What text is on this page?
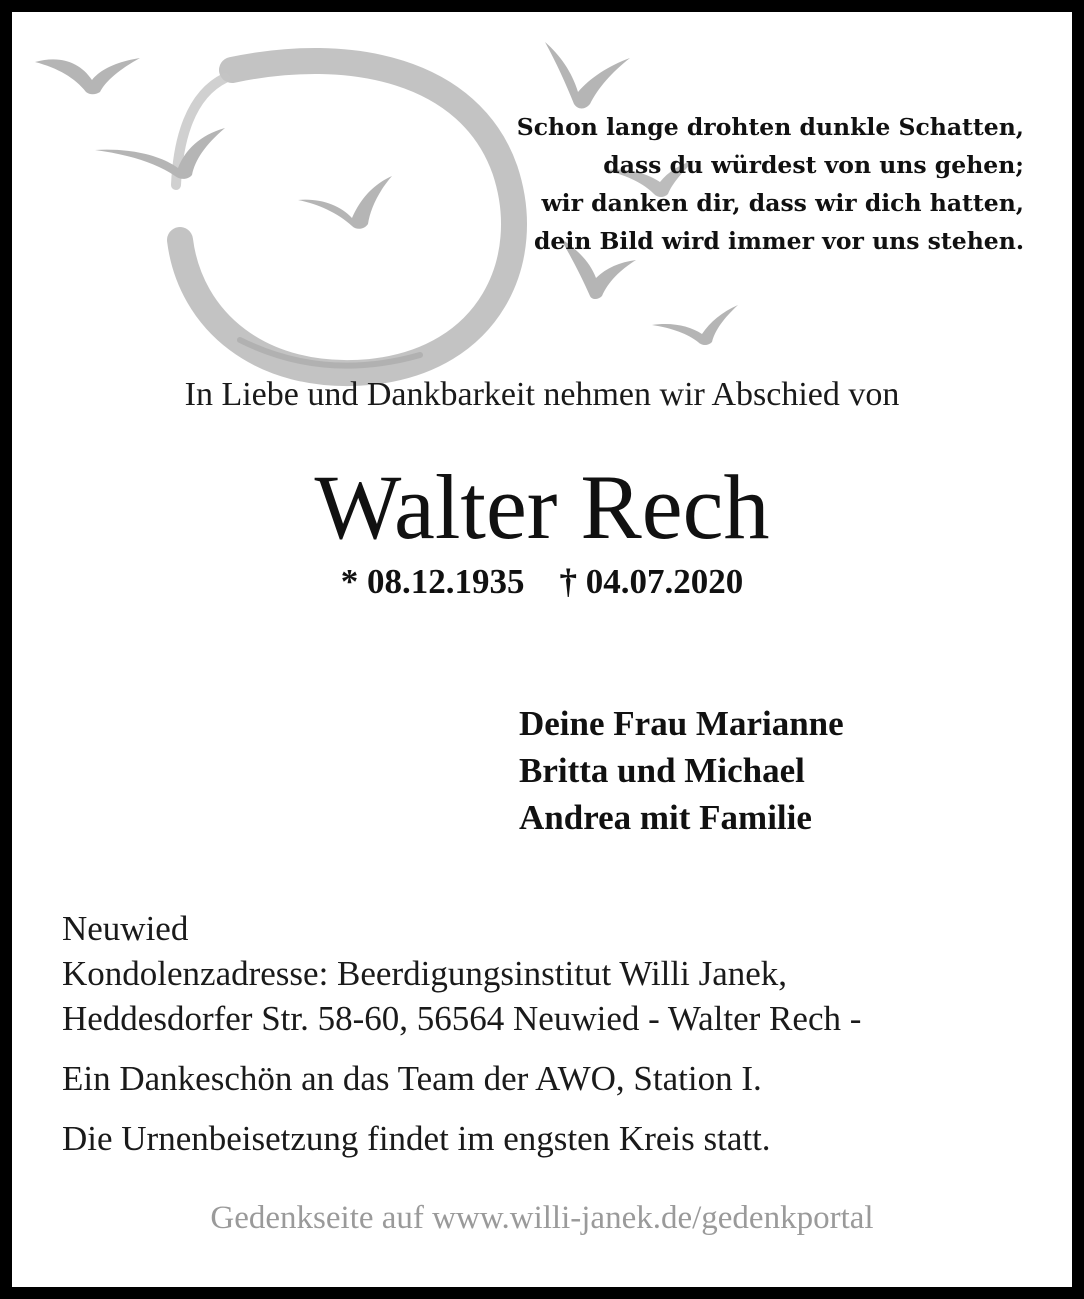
Schon lange drohten dunkle Schatten,
dass du würdest von uns gehen;
wir danken dir, dass wir dich hatten,
dein Bild wird immer vor uns stehen.
In Liebe und Dankbarkeit nehmen wir Abschied von
Walter Rech
* 08.12.1935    † 04.07.2020
Deine Frau Marianne
Britta und Michael
Andrea mit Familie
Neuwied
Kondolenzadresse: Beerdigungsinstitut Willi Janek,
Heddesdorfer Str. 58-60, 56564 Neuwied - Walter Rech -
Ein Dankeschön an das Team der AWO, Station I.
Die Urnenbeisetzung findet im engsten Kreis statt.
Gedenkseite auf www.willi-janek.de/gedenkportal
